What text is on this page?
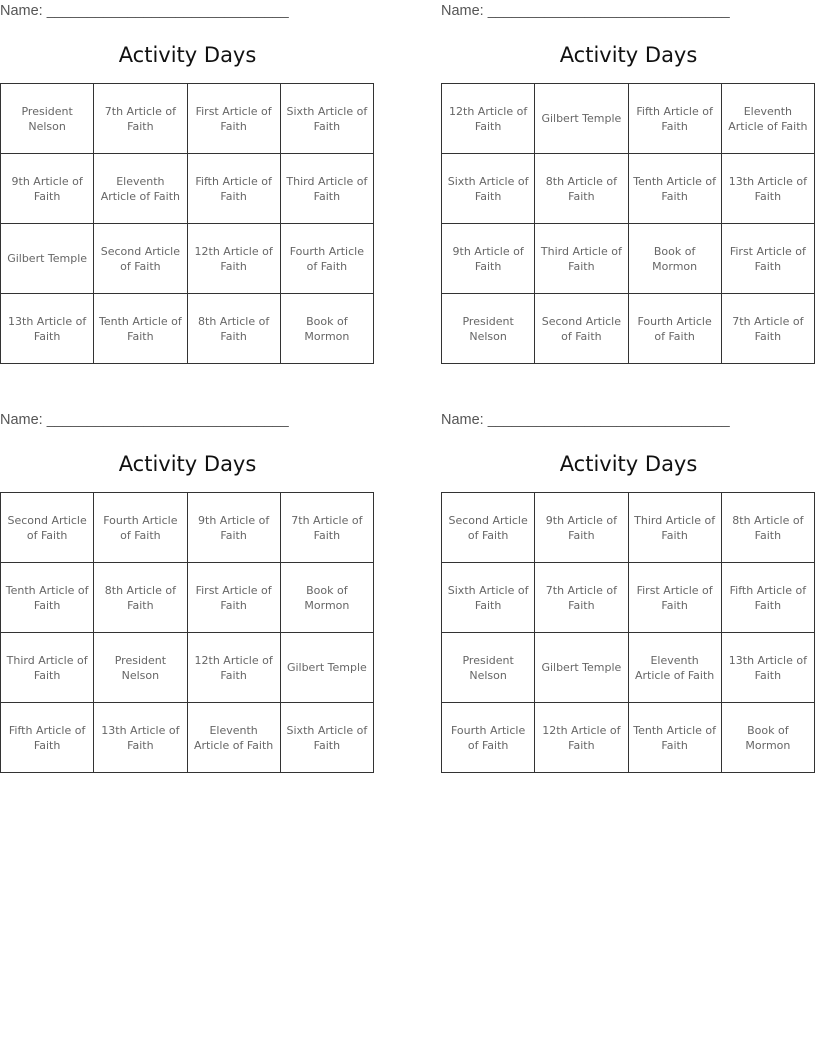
Name: ______________________________
Activity Days
President Nelson	7th Article of Faith	First Article of Faith	Sixth Article of Faith
9th Article of Faith	Eleventh Article of Faith	Fifth Article of Faith	Third Article of Faith
Gilbert Temple	Second Article of Faith	12th Article of Faith	Fourth Article of Faith
13th Article of Faith	Tenth Article of Faith	8th Article of Faith	Book of Mormon
Name: ______________________________
Activity Days
12th Article of Faith	Gilbert Temple	Fifth Article of Faith	Eleventh Article of Faith
Sixth Article of Faith	8th Article of Faith	Tenth Article of Faith	13th Article of Faith
9th Article of Faith	Third Article of Faith	Book of Mormon	First Article of Faith
President Nelson	Second Article of Faith	Fourth Article of Faith	7th Article of Faith
Name: ______________________________
Activity Days
Second Article of Faith	Fourth Article of Faith	9th Article of Faith	7th Article of Faith
Tenth Article of Faith	8th Article of Faith	First Article of Faith	Book of Mormon
Third Article of Faith	President Nelson	12th Article of Faith	Gilbert Temple
Fifth Article of Faith	13th Article of Faith	Eleventh Article of Faith	Sixth Article of Faith
Name: ______________________________
Activity Days
Second Article of Faith	9th Article of Faith	Third Article of Faith	8th Article of Faith
Sixth Article of Faith	7th Article of Faith	First Article of Faith	Fifth Article of Faith
President Nelson	Gilbert Temple	Eleventh Article of Faith	13th Article of Faith
Fourth Article of Faith	12th Article of Faith	Tenth Article of Faith	Book of Mormon
